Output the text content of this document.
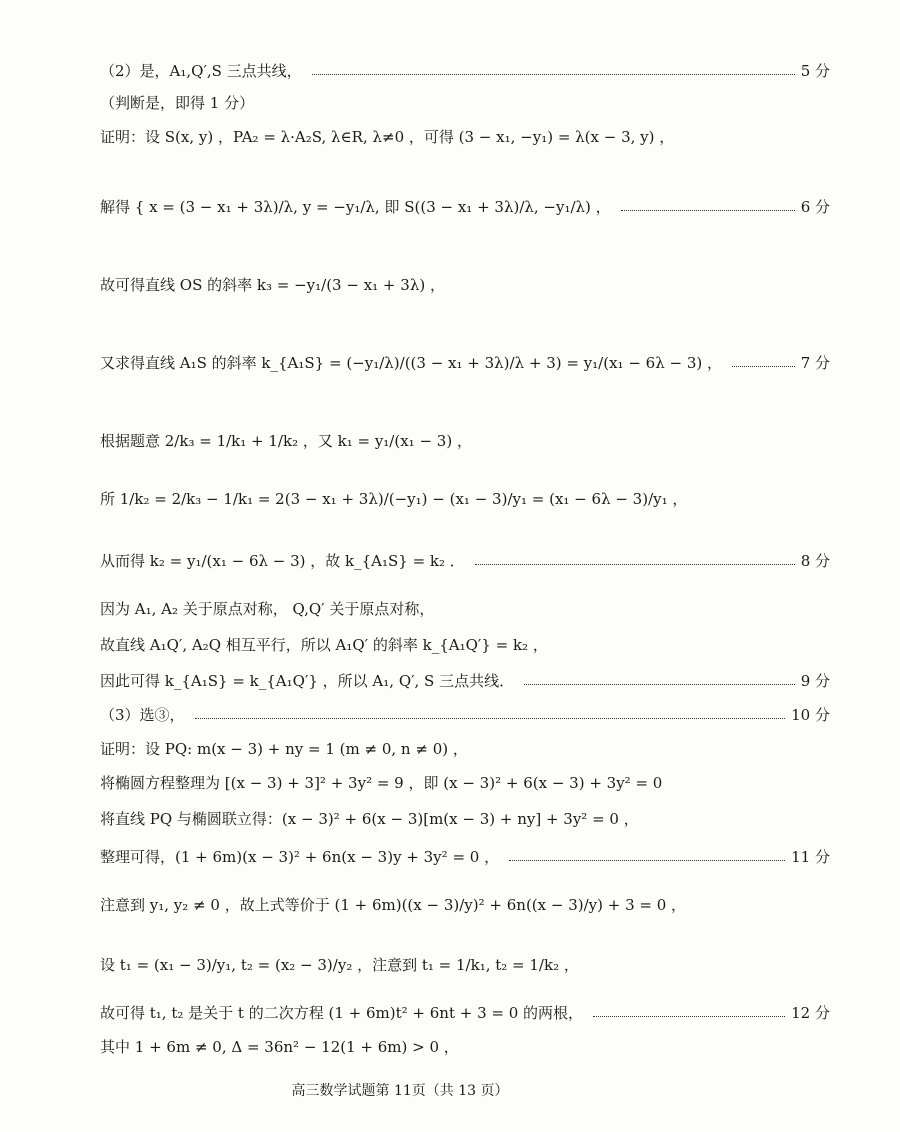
（2）是，A₁,Q′,S 三点共线，	5 分
（判断是，即得 1 分）
证明：设 S(x, y) ，PA₂ = λ·A₂S, λ∈R, λ≠0 ，可得 (3 − x₁, −y₁) = λ(x − 3, y) ，
解得 { x = (3 − x₁ + 3λ)/λ, y = −y₁/λ, 即 S((3 − x₁ + 3λ)/λ, −y₁/λ) ，	6 分
故可得直线 OS 的斜率 k₃ = −y₁/(3 − x₁ + 3λ) ，
又求得直线 A₁S 的斜率 k_{A₁S} = (−y₁/λ)/((3 − x₁ + 3λ)/λ + 3) = y₁/(x₁ − 6λ − 3) ，	7 分
根据题意 2/k₃ = 1/k₁ + 1/k₂ ，又 k₁ = y₁/(x₁ − 3) ，
所 1/k₂ = 2/k₃ − 1/k₁ = 2(3 − x₁ + 3λ)/(−y₁) − (x₁ − 3)/y₁ = (x₁ − 6λ − 3)/y₁ ，
从而得 k₂ = y₁/(x₁ − 6λ − 3) ，故 k_{A₁S} = k₂ ．	8 分
因为 A₁, A₂ 关于原点对称， Q,Q′ 关于原点对称，
故直线 A₁Q′, A₂Q 相互平行，所以 A₁Q′ 的斜率 k_{A₁Q′} = k₂ ，
因此可得 k_{A₁S} = k_{A₁Q′} ，所以 A₁, Q′, S 三点共线．	9 分
（3）选③，	10 分
证明：设 PQ: m(x − 3) + ny = 1 (m ≠ 0, n ≠ 0) ，
将椭圆方程整理为 [(x − 3) + 3]² + 3y² = 9 ，即 (x − 3)² + 6(x − 3) + 3y² = 0
将直线 PQ 与椭圆联立得：(x − 3)² + 6(x − 3)[m(x − 3) + ny] + 3y² = 0 ，
整理可得，(1 + 6m)(x − 3)² + 6n(x − 3)y + 3y² = 0 ，	11 分
注意到 y₁, y₂ ≠ 0 ，故上式等价于 (1 + 6m)((x − 3)/y)² + 6n((x − 3)/y) + 3 = 0 ，
设 t₁ = (x₁ − 3)/y₁, t₂ = (x₂ − 3)/y₂ ，注意到 t₁ = 1/k₁, t₂ = 1/k₂ ，
故可得 t₁, t₂ 是关于 t 的二次方程 (1 + 6m)t² + 6nt + 3 = 0 的两根，	12 分
其中 1 + 6m ≠ 0, Δ = 36n² − 12(1 + 6m) > 0 ，
高三数学试题第 11页（共 13 页）
